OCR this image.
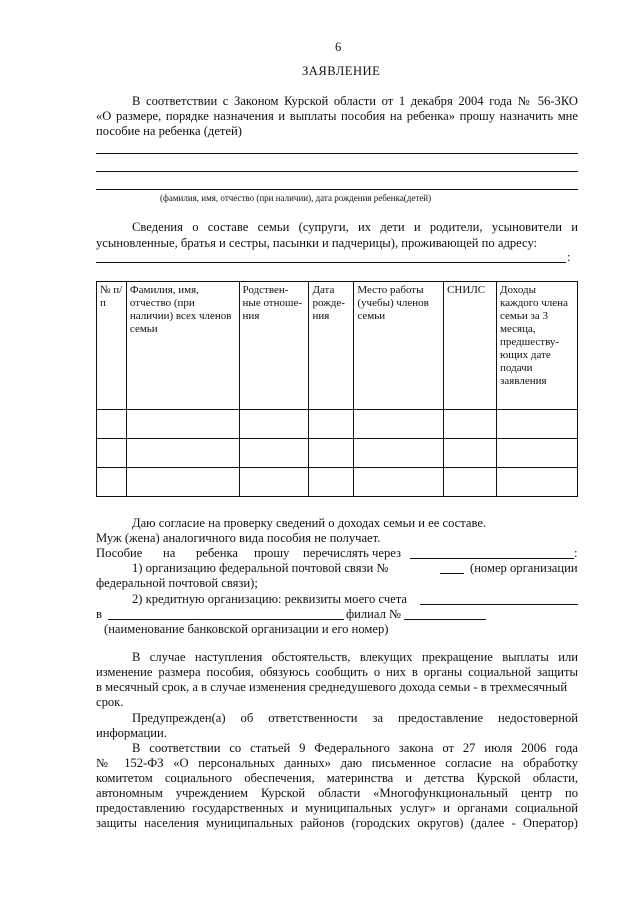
6
ЗАЯВЛЕНИЕ
В соответствии с Законом Курской области от 1 декабря 2004 года № 56-ЗКО
«О размере, порядке назначения и выплаты пособия на ребенка» прошу назначить мне
пособие на ребенка (детей)
(фамилия, имя, отчество (при наличии), дата рождения ребенка(детей)
Сведения о составе семьи (супруги, их дети и родители, усыновители и
усыновленные, братья и сестры, пасынки и падчерицы), проживающей по адресу:
:
№ п/п	Фамилия, имя, отчество (при наличии) всех членов семьи	Родствен-ные отноше-ния	Дата рожде-ния	Место работы (учебы) членов семьи	СНИЛС	Доходы каждого члена семьи за 3 месяца, предшеству-ющих дате подачи заявления

Даю согласие на проверку сведений о доходах семьи и ее составе.
Муж (жена) аналогичного вида пособия не получает.
Пособие на ребенка прошу перечислять через	:
1) организацию федеральной почтовой связи №	(номер организации
федеральной почтовой связи);
2) кредитную организацию: реквизиты моего счета
в	филиал №
(наименование банковской организации и его номер)
В случае наступления обстоятельств, влекущих прекращение выплаты или
изменение размера пособия, обязуюсь сообщить о них в органы социальной защиты
в месячный срок, а в случае изменения среднедушевого дохода семьи - в трехмесячный
срок.
Предупрежден(а) об ответственности за предоставление недостоверной
информации.
В соответствии со статьей 9 Федерального закона от 27 июля 2006 года
№ 152-ФЗ «О персональных данных» даю письменное согласие на обработку
комитетом социального обеспечения, материнства и детства Курской области,
автономным учреждением Курской области «Многофункциональный центр по
предоставлению государственных и муниципальных услуг» и органами социальной
защиты населения муниципальных районов (городских округов) (далее - Оператор)
